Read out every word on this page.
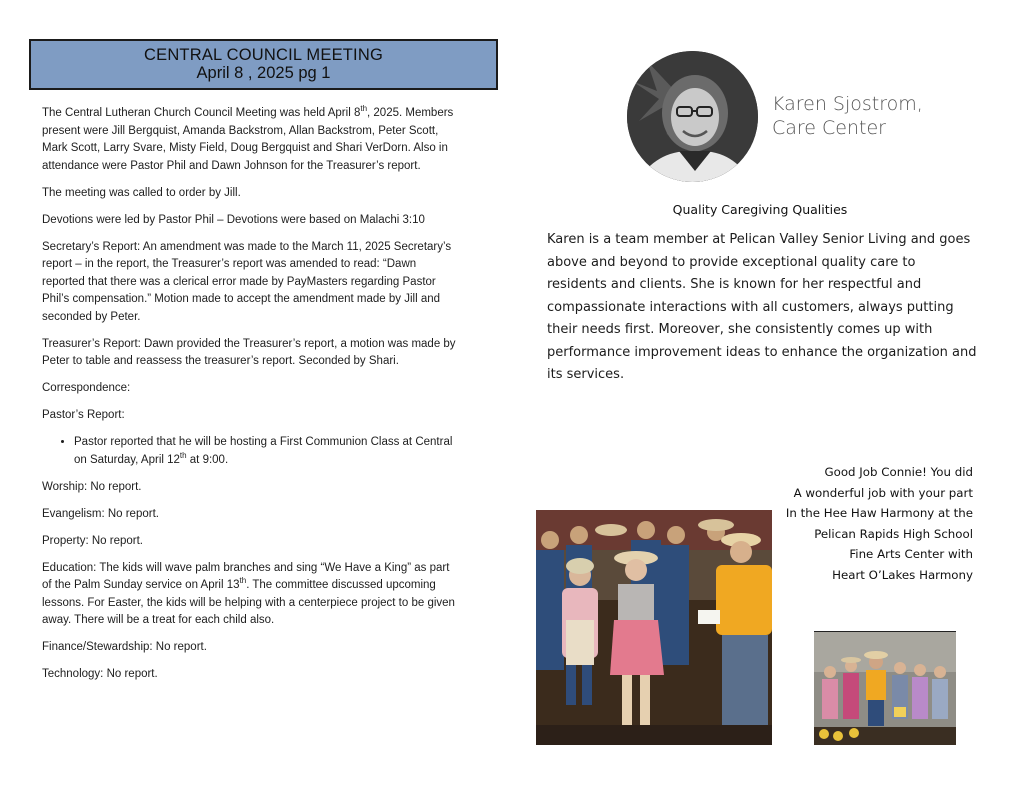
CENTRAL COUNCIL MEETING
April 8 , 2025 pg 1

The Central Lutheran Church Council Meeting was held April 8th, 2025. Members present were Jill Bergquist, Amanda Backstrom, Allan Backstrom, Peter Scott, Mark Scott, Larry Svare, Misty Field, Doug Bergquist and Shari VerDorn. Also in attendance were Pastor Phil and Dawn Johnson for the Treasurer’s report.

The meeting was called to order by Jill.

Devotions were led by Pastor Phil – Devotions were based on Malachi 3:10

Secretary’s Report: An amendment was made to the March 11, 2025 Secretary’s report – in the report, the Treasurer’s report was amended to read: “Dawn reported that there was a clerical error made by PayMasters regarding Pastor Phil’s compensation.” Motion made to accept the amendment made by Jill and seconded by Peter.

Treasurer’s Report: Dawn provided the Treasurer’s report, a motion was made by Peter to table and reassess the treasurer’s report. Seconded by Shari.

Correspondence:

Pastor’s Report:

• Pastor reported that he will be hosting a First Communion Class at Central on Saturday, April 12th at 9:00.

Worship: No report.

Evangelism: No report.

Property: No report.

Education: The kids will wave palm branches and sing “We Have a King” as part of the Palm Sunday service on April 13th. The committee discussed upcoming lessons. For Easter, the kids will be helping with a centerpiece project to be given away. There will be a treat for each child also.

Finance/Stewardship: No report.

Technology: No report.

Karen Sjostrom,
Care Center
Quality Caregiving Qualities
Karen is a team member at Pelican Valley Senior Living and goes above and beyond to provide exceptional quality care to residents and clients. She is known for her respectful and compassionate interactions with all customers, always putting their needs first. Moreover, she consistently comes up with performance improvement ideas to enhance the organization and its services.
Good Job Connie! You did
A wonderful job with your part
In the Hee Haw Harmony at the
Pelican Rapids High School
Fine Arts Center with
Heart O’Lakes Harmony
